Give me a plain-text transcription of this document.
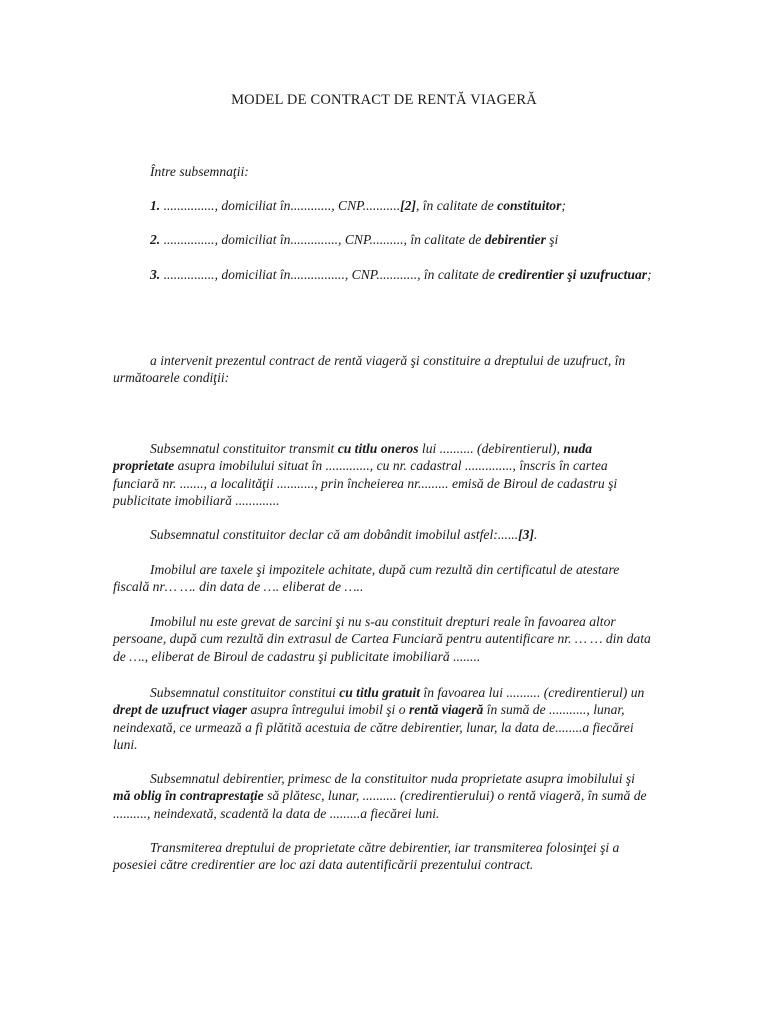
MODEL DE CONTRACT DE RENTĂ VIAGERĂ

Între subsemnaţii:

1. ..............., domiciliat în............, CNP...........[2], în calitate de constituitor;

2. ..............., domiciliat în.............., CNP.........., în calitate de debirentier şi

3. ..............., domiciliat în................, CNP............, în calitate de credirentier şi uzufructuar;

a intervenit prezentul contract de rentă viageră şi constituire a dreptului de uzufruct, în următoarele condiţii:

Subsemnatul constituitor transmit cu titlu oneros lui .......... (debirentierul), nuda proprietate asupra imobilului situat în ............., cu nr. cadastral .............., înscris în cartea funciară nr. ......., a localităţii ..........., prin încheierea nr......... emisă de Biroul de cadastru şi publicitate imobiliară .............

Subsemnatul constituitor declar că am dobândit imobilul astfel:......[3].

Imobilul are taxele şi impozitele achitate, după cum rezultă din certificatul de atestare fiscală nr… …. din data de …. eliberat de …..

Imobilul nu este grevat de sarcini şi nu s-au constituit drepturi reale în favoarea altor persoane, după cum rezultă din extrasul de Cartea Funciară pentru autentificare nr. … … din data de …., eliberat de Biroul de cadastru şi publicitate imobiliară ........

Subsemnatul constituitor constitui cu titlu gratuit în favoarea lui .......... (credirentierul) un drept de uzufruct viager asupra întregului imobil şi o rentă viageră în sumă de ..........., lunar, neindexată, ce urmează a fi plătită acestuia de către debirentier, lunar, la data de........a fiecărei luni.

Subsemnatul debirentier, primesc de la constituitor nuda proprietate asupra imobilului şi mă oblig în contraprestaţie să plătesc, lunar, .......... (credirentierului) o rentă viageră, în sumă de .........., neindexată, scadentă la data de .........a fiecărei luni.

Transmiterea dreptului de proprietate către debirentier, iar transmiterea folosinţei şi a posesiei către credirentier are loc azi data autentificării prezentului contract.
